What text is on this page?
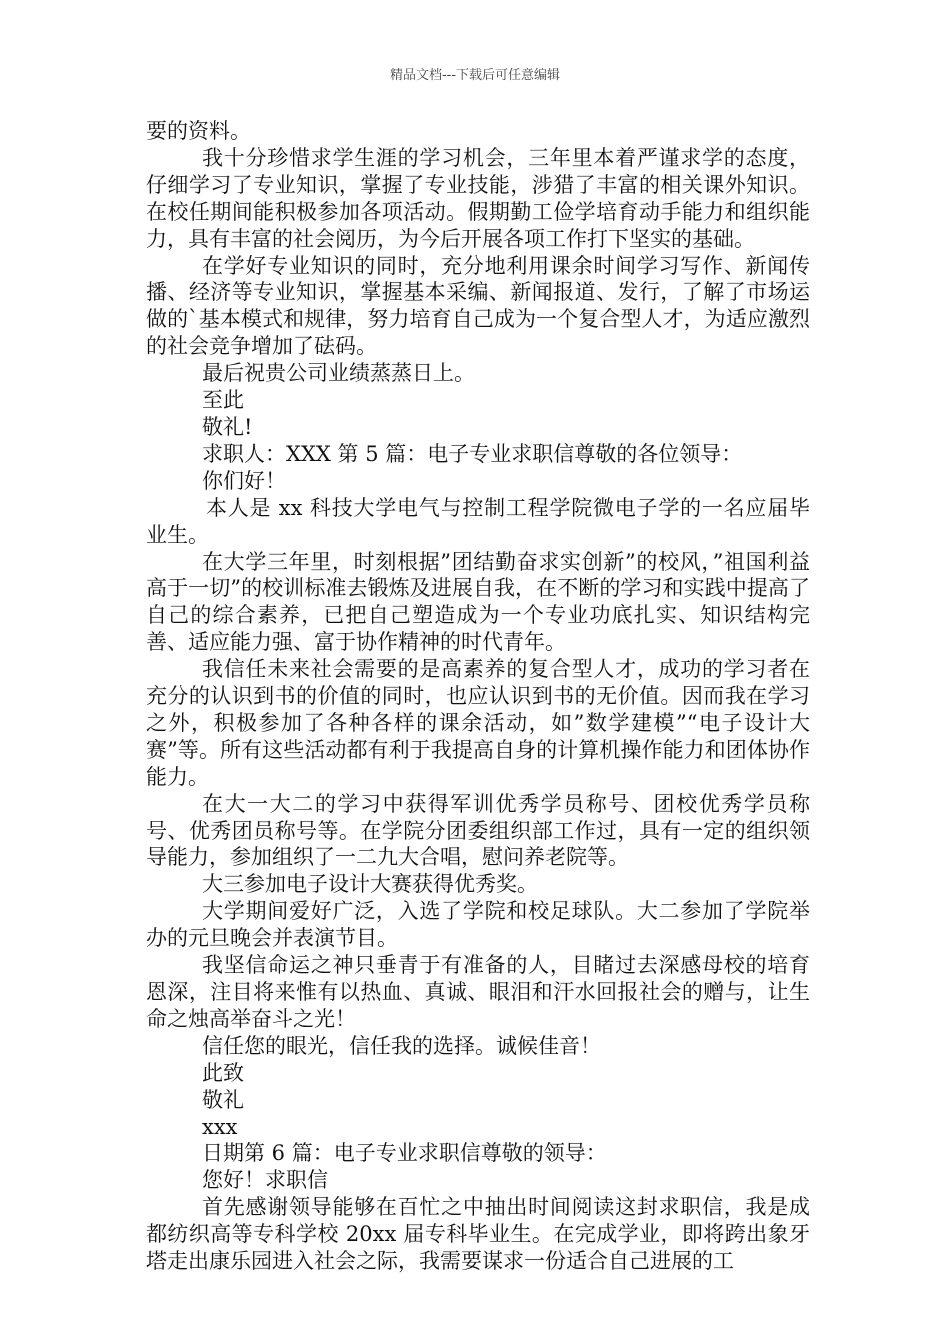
精品文档---下载后可任意编辑

要的资料。

我十分珍惜求学生涯的学习机会，三年里本着严谨求学的态度，仔细学习了专业知识，掌握了专业技能，涉猎了丰富的相关课外知识。在校任期间能积极参加各项活动。假期勤工俭学培育动手能力和组织能力，具有丰富的社会阅历，为今后开展各项工作打下坚实的基础。

在学好专业知识的同时，充分地利用课余时间学习写作、新闻传播、经济等专业知识，掌握基本采编、新闻报道、发行，了解了市场运做的`基本模式和规律，努力培育自己成为一个复合型人才，为适应激烈的社会竞争增加了砝码。

最后祝贵公司业绩蒸蒸日上。

至此

敬礼!

求职人：XXX 第 5 篇：电子专业求职信尊敬的各位领导：

你们好！

本人是 xx 科技大学电气与控制工程学院微电子学的一名应届毕业生。

在大学三年里，时刻根据”团结勤奋求实创新”的校风，”祖国利益高于一切”的校训标准去锻炼及进展自我，在不断的学习和实践中提高了自己的综合素养，已把自己塑造成为一个专业功底扎实、知识结构完善、适应能力强、富于协作精神的时代青年。

我信任未来社会需要的是高素养的复合型人才，成功的学习者在充分的认识到书的价值的同时，也应认识到书的无价值。因而我在学习之外，积极参加了各种各样的课余活动，如”数学建模”“电子设计大赛”等。所有这些活动都有利于我提高自身的计算机操作能力和团体协作能力。

在大一大二的学习中获得军训优秀学员称号、团校优秀学员称号、优秀团员称号等。在学院分团委组织部工作过，具有一定的组织领导能力，参加组织了一二九大合唱，慰问养老院等。

大三参加电子设计大赛获得优秀奖。

大学期间爱好广泛，入选了学院和校足球队。大二参加了学院举办的元旦晚会并表演节目。

我坚信命运之神只垂青于有准备的人，目睹过去深感母校的培育恩深，注目将来惟有以热血、真诚、眼泪和汗水回报社会的赠与，让生命之烛高举奋斗之光！

信任您的眼光，信任我的选择。诚候佳音！

此致

敬礼

xxx

日期第 6 篇：电子专业求职信尊敬的领导：

您好！求职信

首先感谢领导能够在百忙之中抽出时间阅读这封求职信，我是成都纺织高等专科学校 20xx 届专科毕业生。在完成学业，即将跨出象牙塔走出康乐园进入社会之际，我需要谋求一份适合自己进展的工
